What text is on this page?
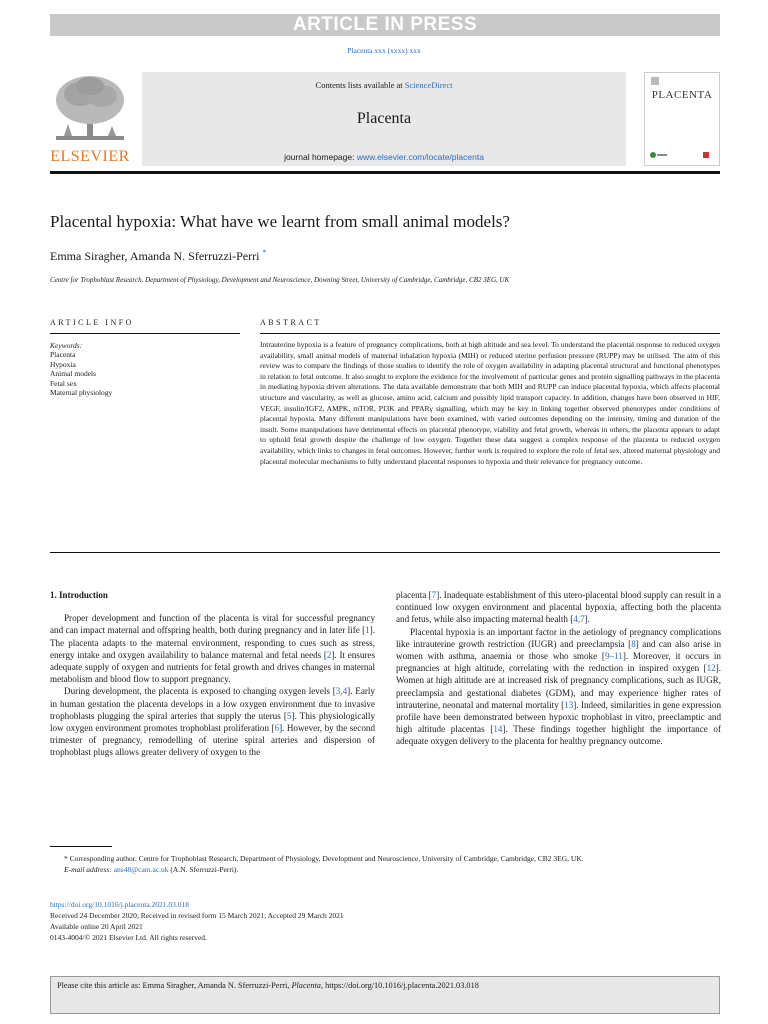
ARTICLE IN PRESS
Placenta xxx (xxxx) xxx
ELSEVIER
Contents lists available at ScienceDirect
Placenta
journal homepage: www.elsevier.com/locate/placenta
PLACENTA
Placental hypoxia: What have we learnt from small animal models?
Emma Siragher, Amanda N. Sferruzzi-Perri *
Centre for Trophoblast Research, Department of Physiology, Development and Neuroscience, Downing Street, University of Cambridge, Cambridge, CB2 3EG, UK
ARTICLE INFO
Keywords:
Placenta
Hypoxia
Animal models
Fetal sex
Maternal physiology
ABSTRACT
Intrauterine hypoxia is a feature of pregnancy complications, both at high altitude and sea level. To understand the placental response to reduced oxygen availability, small animal models of maternal inhalation hypoxia (MIH) or reduced uterine perfusion pressure (RUPP) may be utilised. The aim of this review was to compare the findings of those studies to identify the role of oxygen availability in adapting placental structural and functional phenotypes in relation to fetal outcome. It also sought to explore the evidence for the involvement of particular genes and protein signalling pathways in the placenta in mediating hypoxia driven alterations. The data available demonstrate that both MIH and RUPP can induce placental hypoxia, which affects placental structure and vascularity, as well as glucose, amino acid, calcium and possibly lipid transport capacity. In addition, changes have been observed in HIF, VEGF, insulin/IGF2, AMPK, mTOR, PI3K and PPARγ signalling, which may be key in linking together observed phenotypes under conditions of placental hypoxia. Many different manipulations have been examined, with varied outcomes depending on the intensity, timing and duration of the insult. Some manipulations have detrimental effects on placental phenotype, viability and fetal growth, whereas in others, the placenta appears to adapt to uphold fetal growth despite the challenge of low oxygen. Together these data suggest a complex response of the placenta to reduced oxygen availability, which links to changes in fetal outcomes. However, further work is required to explore the role of fetal sex, altered maternal physiology and placental molecular mechanisms to fully understand placental responses to hypoxia and their relevance for pregnancy outcome.
1. Introduction

Proper development and function of the placenta is vital for successful pregnancy and can impact maternal and offspring health, both during pregnancy and in later life [1]. The placenta adapts to the maternal environment, responding to cues such as stress, energy intake and oxygen availability to balance maternal and fetal needs [2]. It ensures adequate supply of oxygen and nutrients for fetal growth and drives changes in maternal metabolism and blood flow to support pregnancy.

During development, the placenta is exposed to changing oxygen levels [3,4]. Early in human gestation the placenta develops in a low oxygen environment due to invasive trophoblasts plugging the spiral arteries that supply the uterus [5]. This physiologically low oxygen environment promotes trophoblast proliferation [6]. However, by the second trimester of pregnancy, remodelling of uterine spiral arteries and dispersion of trophoblast plugs allows greater delivery of oxygen to the

placenta [7]. Inadequate establishment of this utero-placental blood supply can result in a continued low oxygen environment and placental hypoxia, affecting both the placenta and fetus, while also impacting maternal health [4,7].

Placental hypoxia is an important factor in the aetiology of pregnancy complications like intrauterine growth restriction (IUGR) and preeclampsia [8] and can also arise in women with asthma, anaemia or those who smoke [9–11]. Moreover, it occurs in pregnancies at high altitude, correlating with the reduction in inspired oxygen [12]. Women at high altitude are at increased risk of pregnancy complications, such as IUGR, preeclampsia and gestational diabetes (GDM), and may experience higher rates of intrauterine, neonatal and maternal mortality [13]. Indeed, similarities in gene expression profile have been demonstrated between hypoxic trophoblast in vitro, preeclamptic and high altitude placentas [14]. These findings together highlight the importance of adequate oxygen delivery to the placenta for healthy pregnancy outcome.

* Corresponding author. Centre for Trophoblast Research, Department of Physiology, Development and Neuroscience, University of Cambridge, Cambridge, CB2 3EG, UK.
E-mail address: ans48@cam.ac.uk (A.N. Sferruzzi-Perri).
https://doi.org/10.1016/j.placenta.2021.03.018
Received 24 December 2020; Received in revised form 15 March 2021; Accepted 29 March 2021
Available online 20 April 2021
0143-4004/© 2021 Elsevier Ltd. All rights reserved.
Please cite this article as: Emma Siragher, Amanda N. Sferruzzi-Perri, Placenta, https://doi.org/10.1016/j.placenta.2021.03.018
